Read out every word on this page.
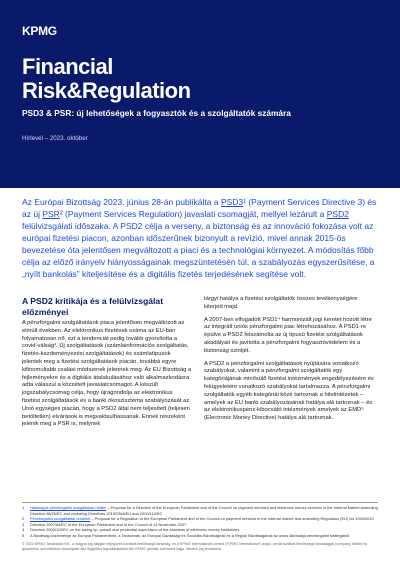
KPMG
Financial
Risk&Regulation
PSD3 & PSR: új lehetőségek a fogyasztók és a szolgáltatók számára
Hírlevél – 2023. október

Az Európai Bizottság 2023. június 28-án publikálta a PSD3¹ (Payment Services Directive 3) és az új PSR² (Payment Services Regulation) javaslati csomagját, mellyel lezárult a PSD2 felülvizsgálati időszaka. A PSD2 célja a verseny, a biztonság és az innováció fokozása volt az európai fizetési piacon, azonban időszerűnek bizonyult a revízió, mivel annak 2015-ös bevezetése óta jelentősen megváltozott a piaci és a technológiai környezet. A módosítás főbb célja az előző irányelv hiányosságainak megszüntetésén túl, a szabályozás egyszerűsítése, a „nyílt bankolás” kiteljesítése és a digitális fizetés terjedésének segítése volt.

A PSD2 kritikája és a felülvizsgálat előzményei

A pénzforgalmi szolgáltatások piaca jelentősen megváltozott az elmúlt években. Az elektronikus fizetések száma az EU-ban folyamatosan nő, ezt a tendenciát pedig tovább gyorsította a covid-válság³. Új szolgáltatások (számlainformációs szolgáltatás, fizetés-kezdeményezési szolgáltatások) és számlatípusok jelentek meg a fizetési szolgáltatások piacán, továbbá egyre kifinomultabb csalási módszerek jelennek meg. Az EU Bizottság a fejleményekre és a digitális átalakulásához való alkalmazkodásra adta válaszul a közzétett javaslatcsomagot. A készült jogszabálycsomag célja, hogy újragondolja az elektronikus fizetési szolgáltatások és a banki ökoszisztéma szabályozását az Unió egységes piacán, hogy a PSD2 által nem teljesített (teljesen betöltetlen) elvárások is megvalósulhassanak. Ennek részeként jelenik meg a PSR is, melynek

tárgyi hatálya a fizetési szolgáltatók összes tevékenységére kiterjed majd.

A 2007-ben elfogadott PSD1⁴ harmonizált jogi keretet hozott létre az integrált uniós pénzforgalmi piac létrehozásához. A PSD1-re épülve a PSD2 felszámolta az új típusú fizetési szolgáltatások akadályait és javította a pénzforgalmi fogyasztóvédelem és a biztonság szintjét.

A PSD2 a pénzforgalmi szolgáltatások nyújtására vonatkozó szabályokat, valamint a pénzforgalmi szolgáltatók egy kategóriájának minősülő fizetési intézmények engedélyezésére és felügyeletére vonatkozó szabályokat tartalmazza. A pénzforgalmi szolgáltatók egyéb kategóriái közé tartoznak a hitelintézetek – amelyek az EU banki szabályozásának hatálya alá tartoznak – és az elektronikuspénz-kibocsátó intézmények amelyek az EMD⁵ (Electronic Money Directive) hatálya alá tartoznak.

1	Hatóságok pénzforgalmi szolgáltatási rülatel – Proposal for a Directive of the European Parliament and of the Council on payment services and electronic money services in the Internal Market amending Directive 98/26/EC and repealing Directives 2015/2366/EU and 2009/110/EC
2	Pénzforgalmi szolgáltatási rendelet – Proposal for a Regulation of the European Parliament and of the Council on payment services in the internal market and amending Regulation (EU) No 1093/2010
3	Directive 2007/64/EC of the European Parliament and of the Council of 13 November 2007
4	Directive 2009/110/EC on the taking up, pursuit and prudential supervision of the business of electronic money institutions
5	A Bizottság közleménye az Európai Parlamentnek, a Tanácsnak, az Európai Gazdasági és Szociális Bizottságnak és a Régiók Bizottságának az uniós lakossági pénzforgalmi stratégiáról
© 2023 KPMG Tanácsadó Kft., a magyar jog alapján bejegyzett korlátolt felelősségű társaság, és a KPMG International Limited ("KPMG International") angol, privát korlátolt felelősségű társasággal (company limited by guarantee) szerződéses viszonyban álló független tagvállalatokból álló KPMG globális szervezet tagja. Minden jog fenntartva.
